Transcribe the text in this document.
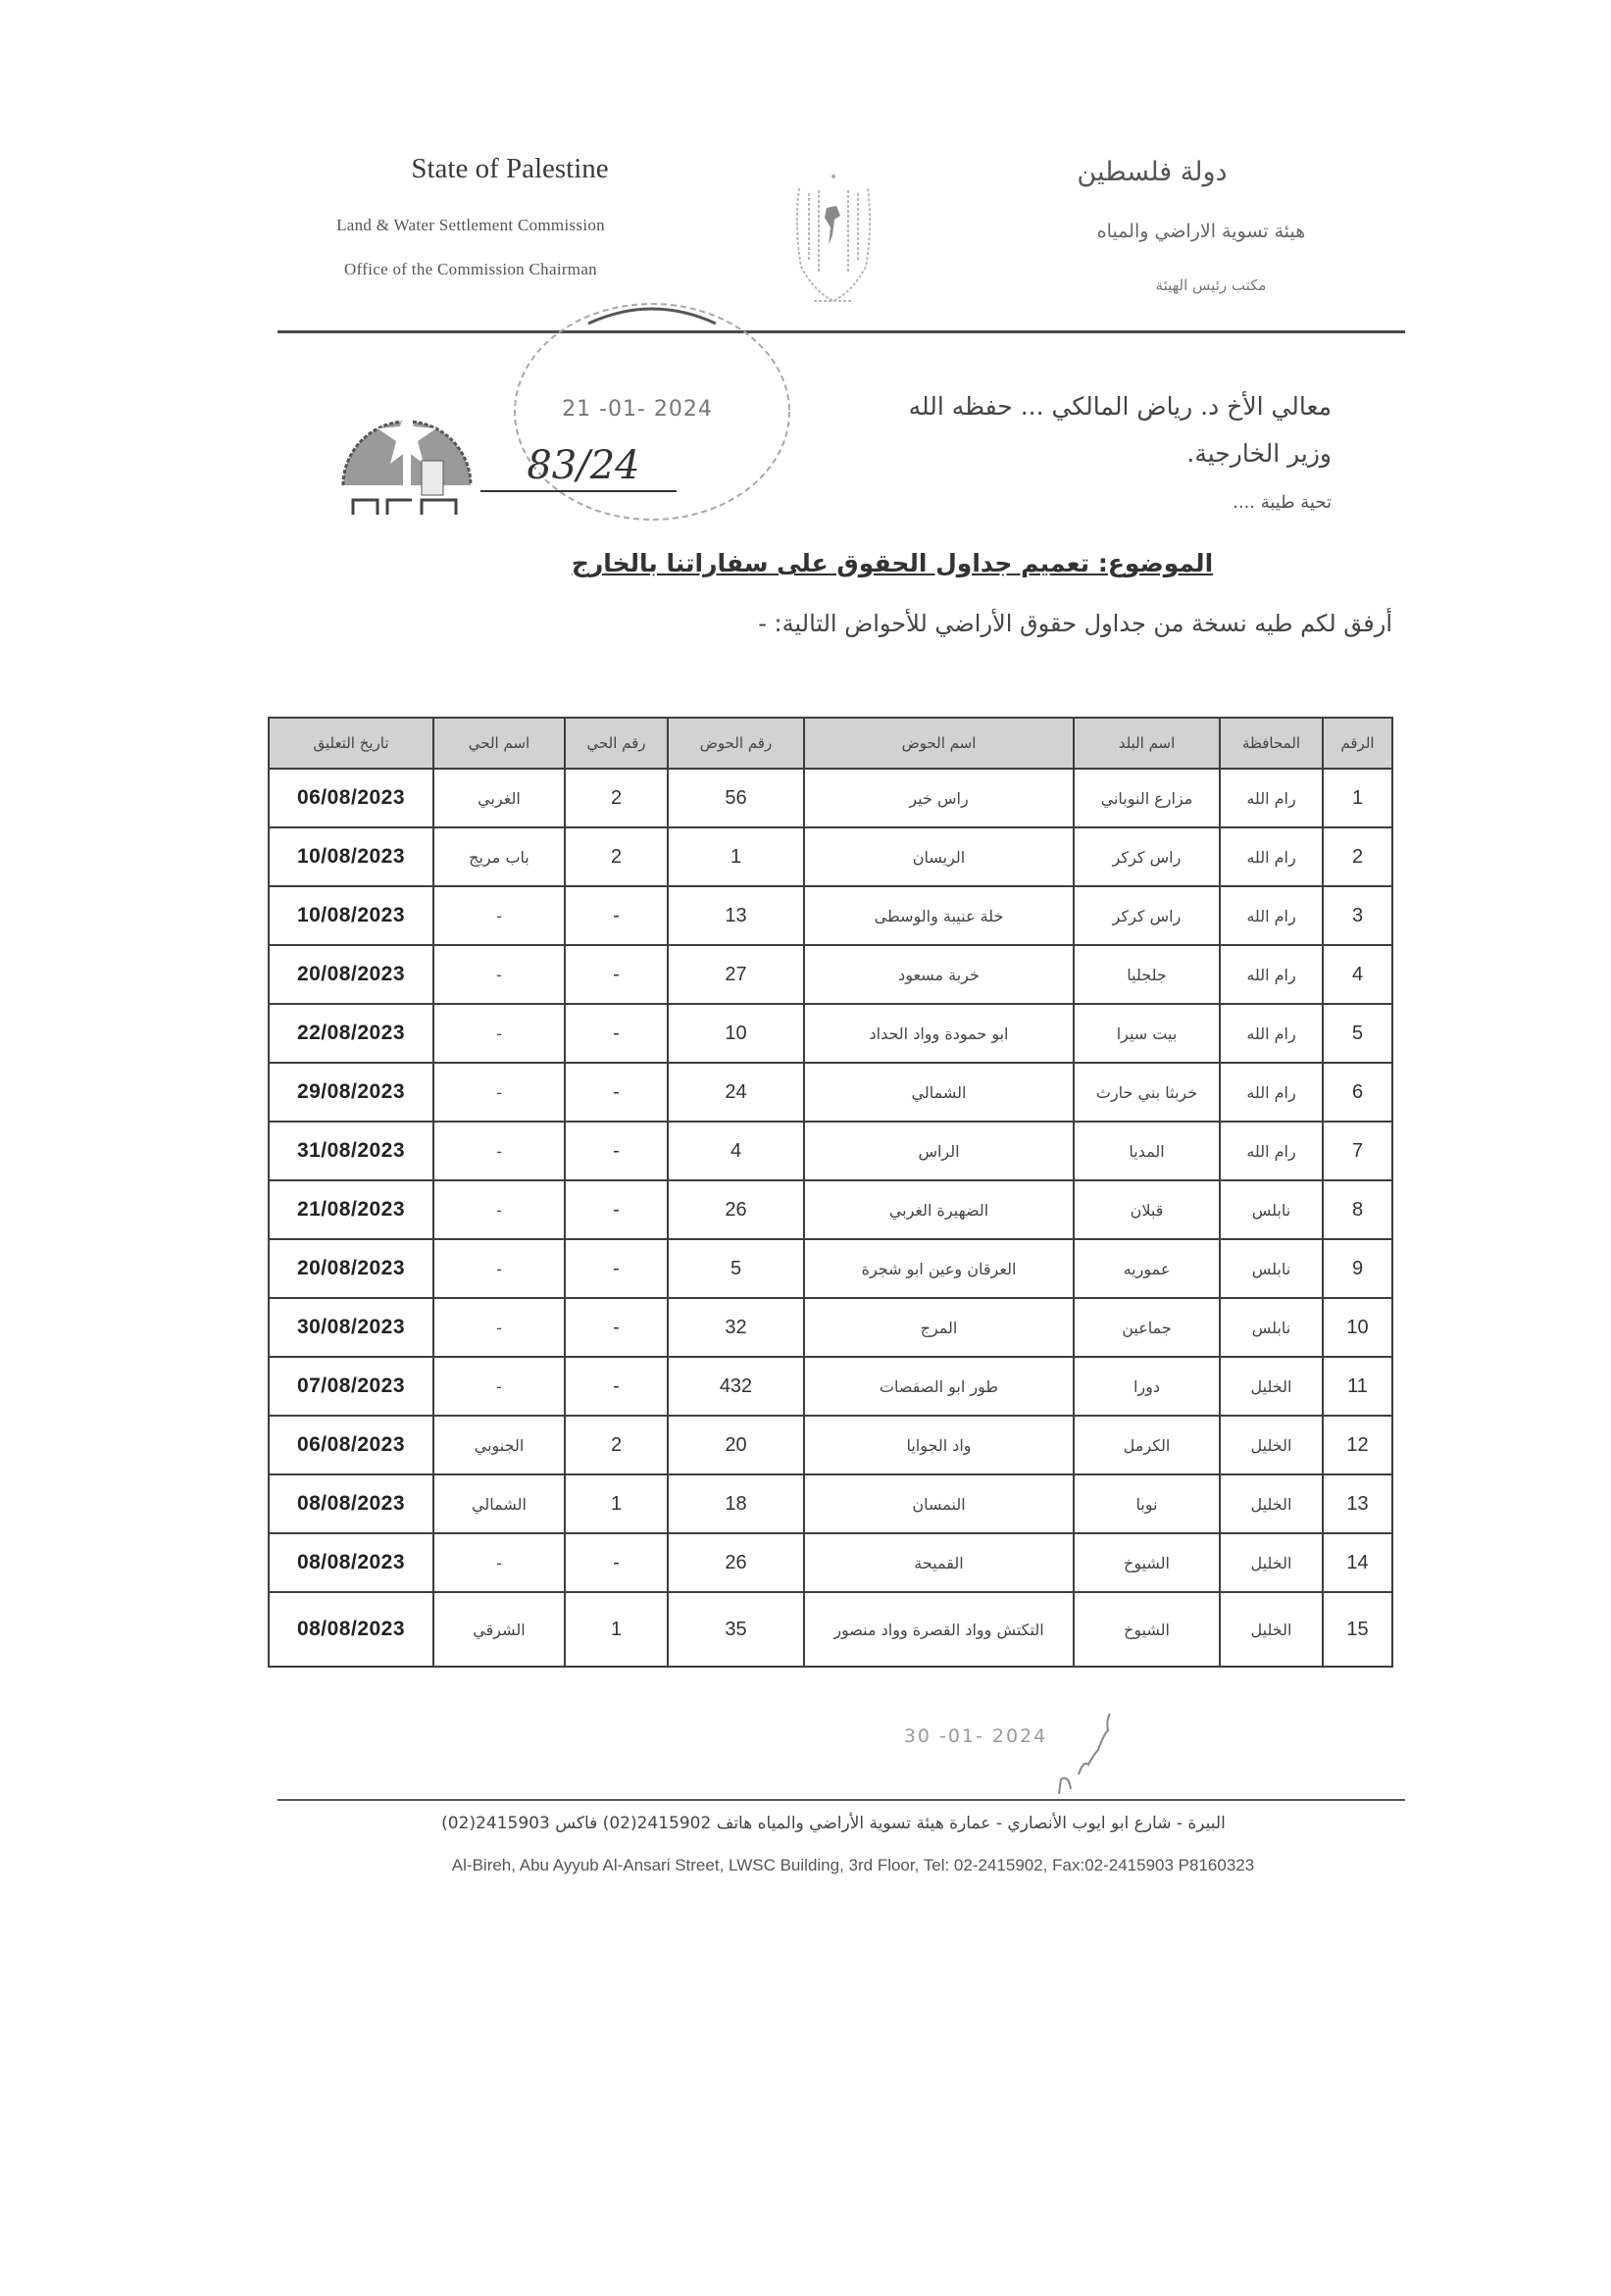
State of Palestine
Land & Water Settlement Commission
Office of the Commission Chairman
دولة فلسطين
هيئة تسوية الاراضي والمياه
مكتب رئيس الهيئة
21 -01- 2024
83/24
معالي الأخ د. رياض المالكي ... حفظه الله
وزير الخارجية.
تحية طيبة ....
الموضوع: تعميم جداول الحقوق على سفاراتنا بالخارج
أرفق لكم طيه نسخة من جداول حقوق الأراضي للأحواض التالية: -
الرقم	المحافظة	اسم البلد	اسم الحوض	رقم الحوض	رقم الحي	اسم الحي	تاريخ التعليق
1	رام الله	مزارع النوباني	راس خير	56	2	الغربي	06/08/2023
2	رام الله	راس كركر	الريسان	1	2	باب مريج	10/08/2023
3	رام الله	راس كركر	خلة عنيبة والوسطى	13	-	-	10/08/2023
4	رام الله	جلجليا	خربة مسعود	27	-	-	20/08/2023
5	رام الله	بيت سيرا	ابو حمودة وواد الحداد	10	-	-	22/08/2023
6	رام الله	خربثا بني حارث	الشمالي	24	-	-	29/08/2023
7	رام الله	المديا	الراس	4	-	-	31/08/2023
8	نابلس	قبلان	الضهيرة الغربي	26	-	-	21/08/2023
9	نابلس	عموريه	العرقان وعين ابو شجرة	5	-	-	20/08/2023
10	نابلس	جماعين	المرج	32	-	-	30/08/2023
11	الخليل	دورا	طور ابو الصفصات	432	-	-	07/08/2023
12	الخليل	الكرمل	واد الجوايا	20	2	الجنوبي	06/08/2023
13	الخليل	نوبا	النمسان	18	1	الشمالي	08/08/2023
14	الخليل	الشيوخ	القميحة	26	-	-	08/08/2023
15	الخليل	الشيوخ	التكتش وواد القصرة وواد منصور	35	1	الشرقي	08/08/2023
30 -01- 2024
البيرة - شارع ابو ايوب الأنصاري - عمارة هيئة تسوية الأراضي والمياه هاتف 2415902(02) فاكس 2415903(02)
Al-Bireh, Abu Ayyub Al-Ansari Street, LWSC Building, 3rd Floor, Tel: 02-2415902, Fax:02-2415903 P8160323
